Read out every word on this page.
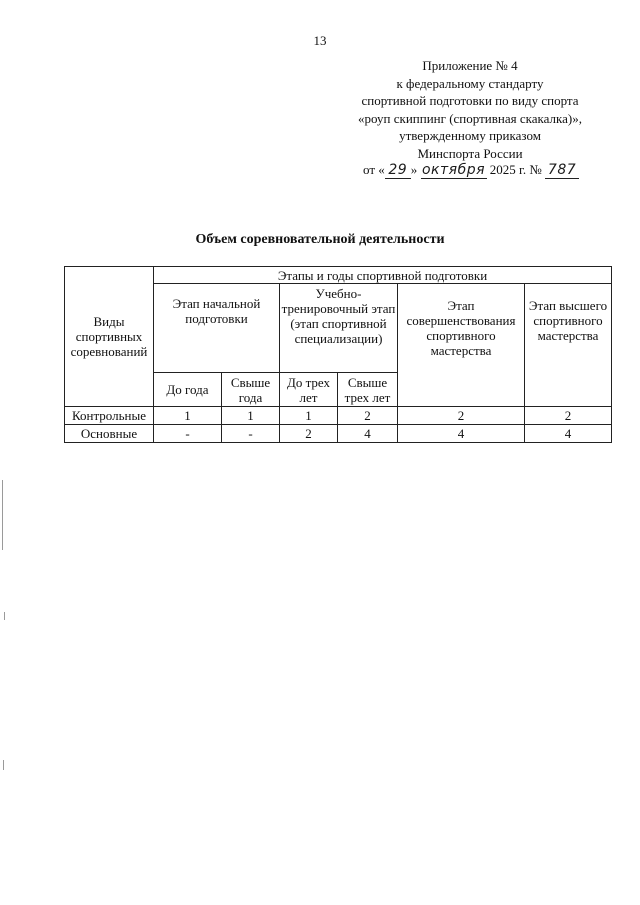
13
Приложение № 4
к федеральному стандарту
спортивной подготовки по виду спорта
«роуп скиппинг (спортивная скакалка)»,
утвержденному приказом
Минспорта России
от « 29 » октября 2025 г. № 787
Объем соревновательной деятельности
Виды спортивных соревнований	Этапы и годы спортивной подготовки					
	Этап начальной подготовки		Учебно-тренировочный этап (этап спортивной специализации)		Этап совершенствования спортивного мастерства	Этап высшего спортивного мастерства
	До года	Свыше года	До трех лет	Свыше трех лет		
Контрольные	1	1	1	2	2	2
Основные	-	-	2	4	4	4
